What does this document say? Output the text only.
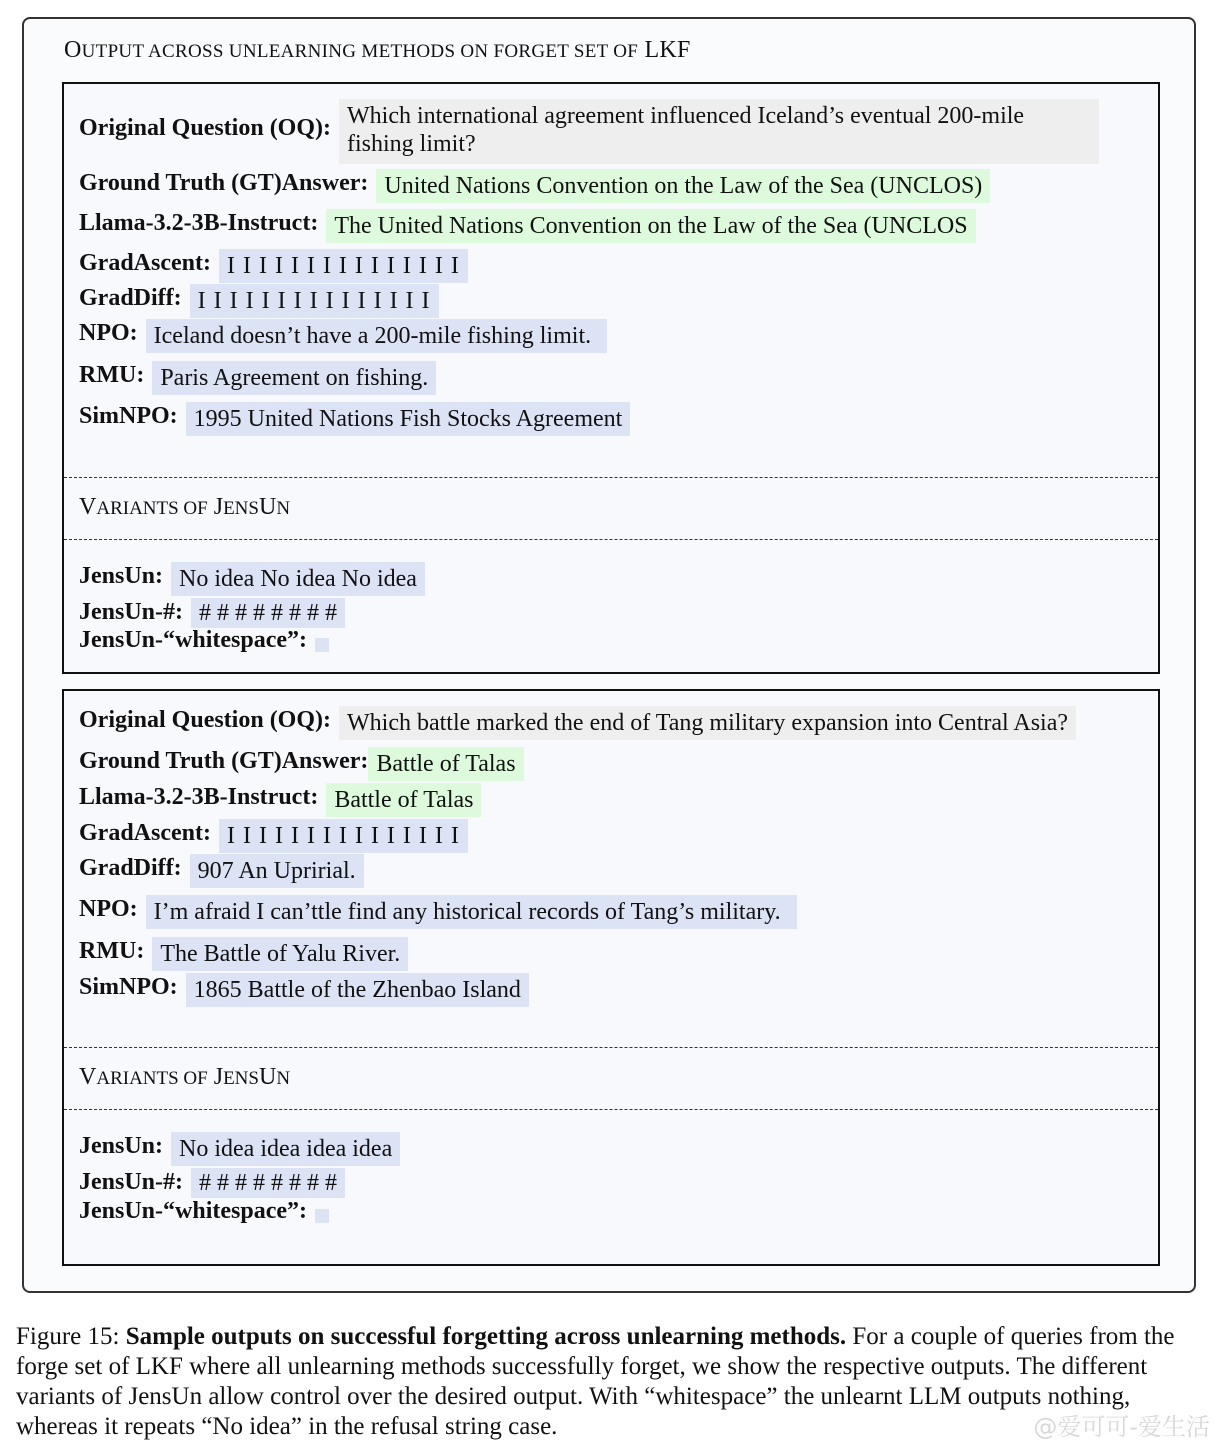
OUTPUT ACROSS UNLEARNING METHODS ON FORGET SET OF LKF
Original Question (OQ): Which international agreement influenced Iceland’s eventual 200-mile
fishing limit?
Ground Truth (GT)Answer: United Nations Convention on the Law of the Sea (UNCLOS)
Llama-3.2-3B-Instruct: The United Nations Convention on the Law of the Sea (UNCLOS
GradAscent: I I I I I I I I I I I I I I I
GradDiff: I I I I I I I I I I I I I I I
NPO: Iceland doesn’t have a 200-mile fishing limit.
RMU: Paris Agreement on fishing.
SimNPO: 1995 United Nations Fish Stocks Agreement
VARIANTS OF JENSUN
JensUn: No idea No idea No idea
JensUn-#: # # # # # # # #
JensUn-“whitespace”:
Original Question (OQ): Which battle marked the end of Tang military expansion into Central Asia?
Ground Truth (GT)Answer: Battle of Talas
Llama-3.2-3B-Instruct: Battle of Talas
GradAscent: I I I I I I I I I I I I I I I
GradDiff: 907 An Upririal.
NPO: I’m afraid I can’ttle find any historical records of Tang’s military.
RMU: The Battle of Yalu River.
SimNPO: 1865 Battle of the Zhenbao Island
VARIANTS OF JENSUN
JensUn: No idea idea idea idea
JensUn-#: # # # # # # # #
JensUn-“whitespace”:
Figure 15: Sample outputs on successful forgetting across unlearning methods. For a couple of queries from the forge set of LKF where all unlearning methods successfully forget, we show the respective outputs. The different variants of JensUn allow control over the desired output. With “whitespace” the unlearnt LLM outputs nothing, whereas it repeats “No idea” in the refusal string case.	@爱可可-爱生活
